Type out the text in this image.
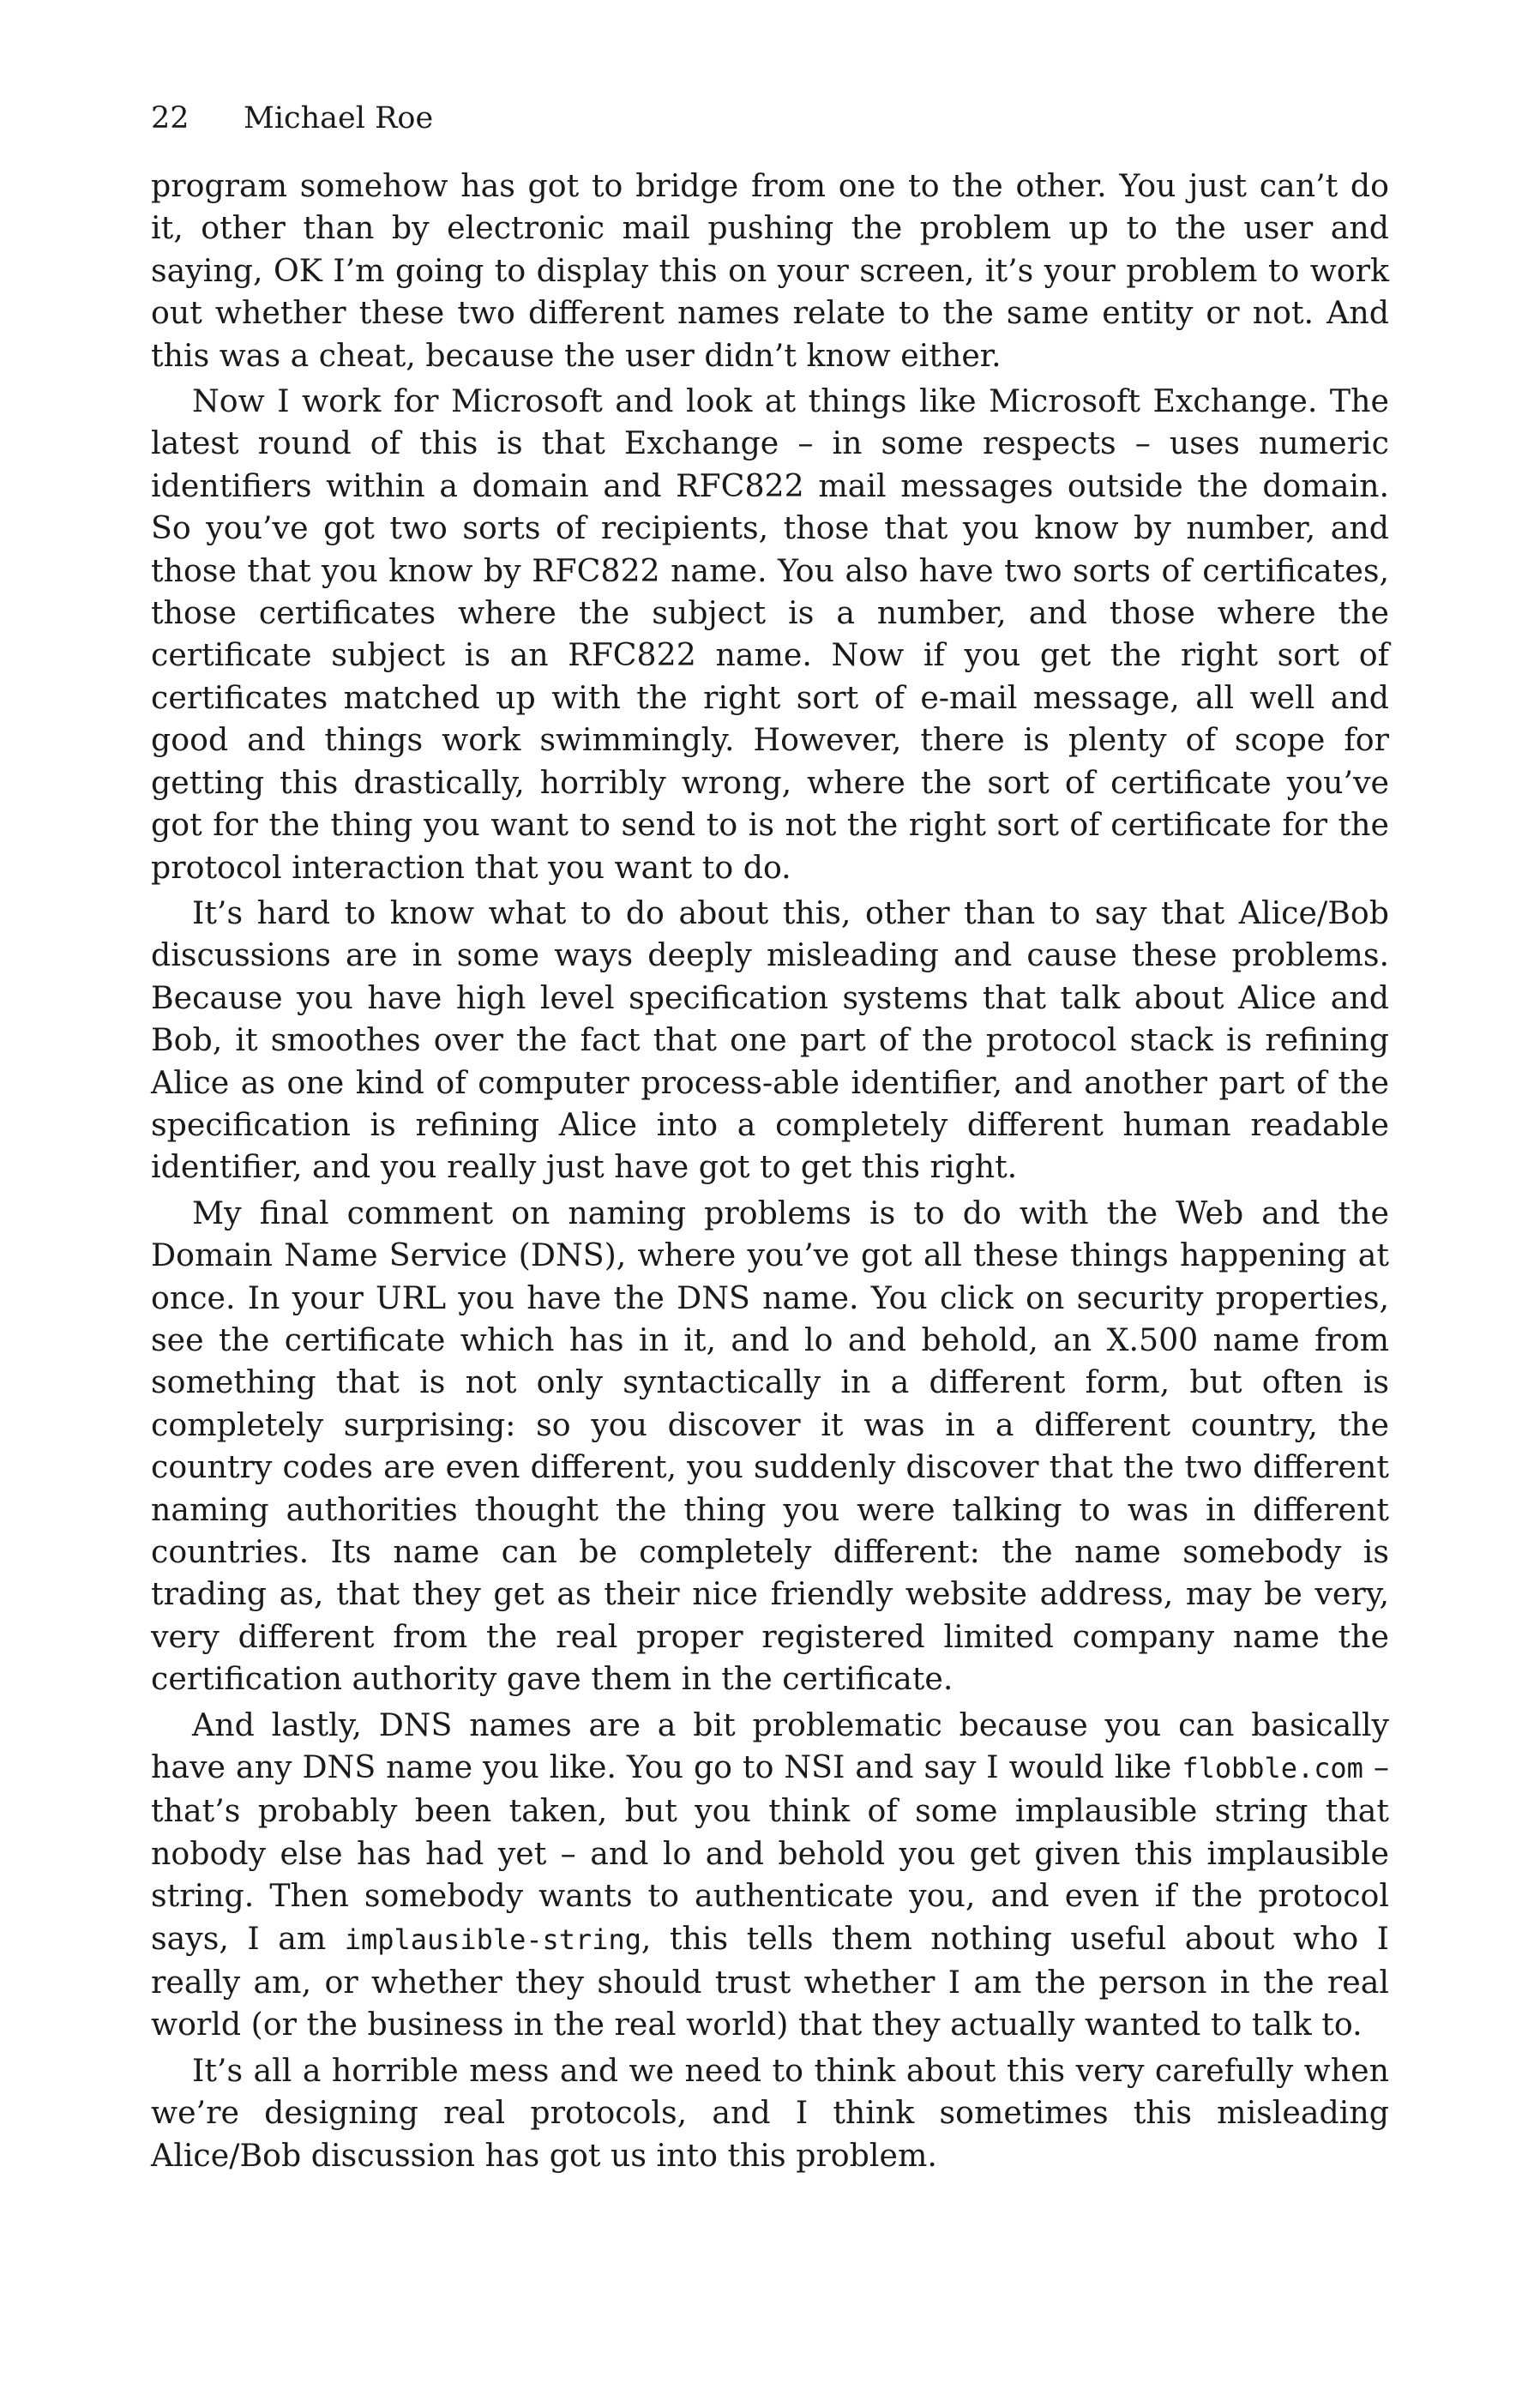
22 Michael Roe

program somehow has got to bridge from one to the other. You just can’t do it, other than by electronic mail pushing the problem up to the user and saying, OK I’m going to display this on your screen, it’s your problem to work out whether these two different names relate to the same entity or not. And this was a cheat, because the user didn’t know either.

Now I work for Microsoft and look at things like Microsoft Exchange. The latest round of this is that Exchange – in some respects – uses numeric identifiers within a domain and RFC822 mail messages outside the domain. So you’ve got two sorts of recipients, those that you know by number, and those that you know by RFC822 name. You also have two sorts of certificates, those certificates where the subject is a number, and those where the certificate subject is an RFC822 name. Now if you get the right sort of certificates matched up with the right sort of e-mail message, all well and good and things work swimmingly. However, there is plenty of scope for getting this drastically, horribly wrong, where the sort of certificate you’ve got for the thing you want to send to is not the right sort of certificate for the protocol interaction that you want to do.

It’s hard to know what to do about this, other than to say that Alice/Bob discussions are in some ways deeply misleading and cause these problems. Because you have high level specification systems that talk about Alice and Bob, it smoothes over the fact that one part of the protocol stack is refining Alice as one kind of computer process-able identifier, and another part of the specification is refining Alice into a completely different human readable identifier, and you really just have got to get this right.

My final comment on naming problems is to do with the Web and the Domain Name Service (DNS), where you’ve got all these things happening at once. In your URL you have the DNS name. You click on security properties, see the certificate which has in it, and lo and behold, an X.500 name from something that is not only syntactically in a different form, but often is completely surprising: so you discover it was in a different country, the country codes are even different, you suddenly discover that the two different naming authorities thought the thing you were talking to was in different countries. Its name can be completely different: the name somebody is trading as, that they get as their nice friendly website address, may be very, very different from the real proper registered limited company name the certification authority gave them in the certificate.

And lastly, DNS names are a bit problematic because you can basically have any DNS name you like. You go to NSI and say I would like flobble.com – that’s probably been taken, but you think of some implausible string that nobody else has had yet – and lo and behold you get given this implausible string. Then somebody wants to authenticate you, and even if the protocol says, I am implausible-string, this tells them nothing useful about who I really am, or whether they should trust whether I am the person in the real world (or the business in the real world) that they actually wanted to talk to.

It’s all a horrible mess and we need to think about this very carefully when we’re designing real protocols, and I think sometimes this misleading Alice/Bob discussion has got us into this problem.
